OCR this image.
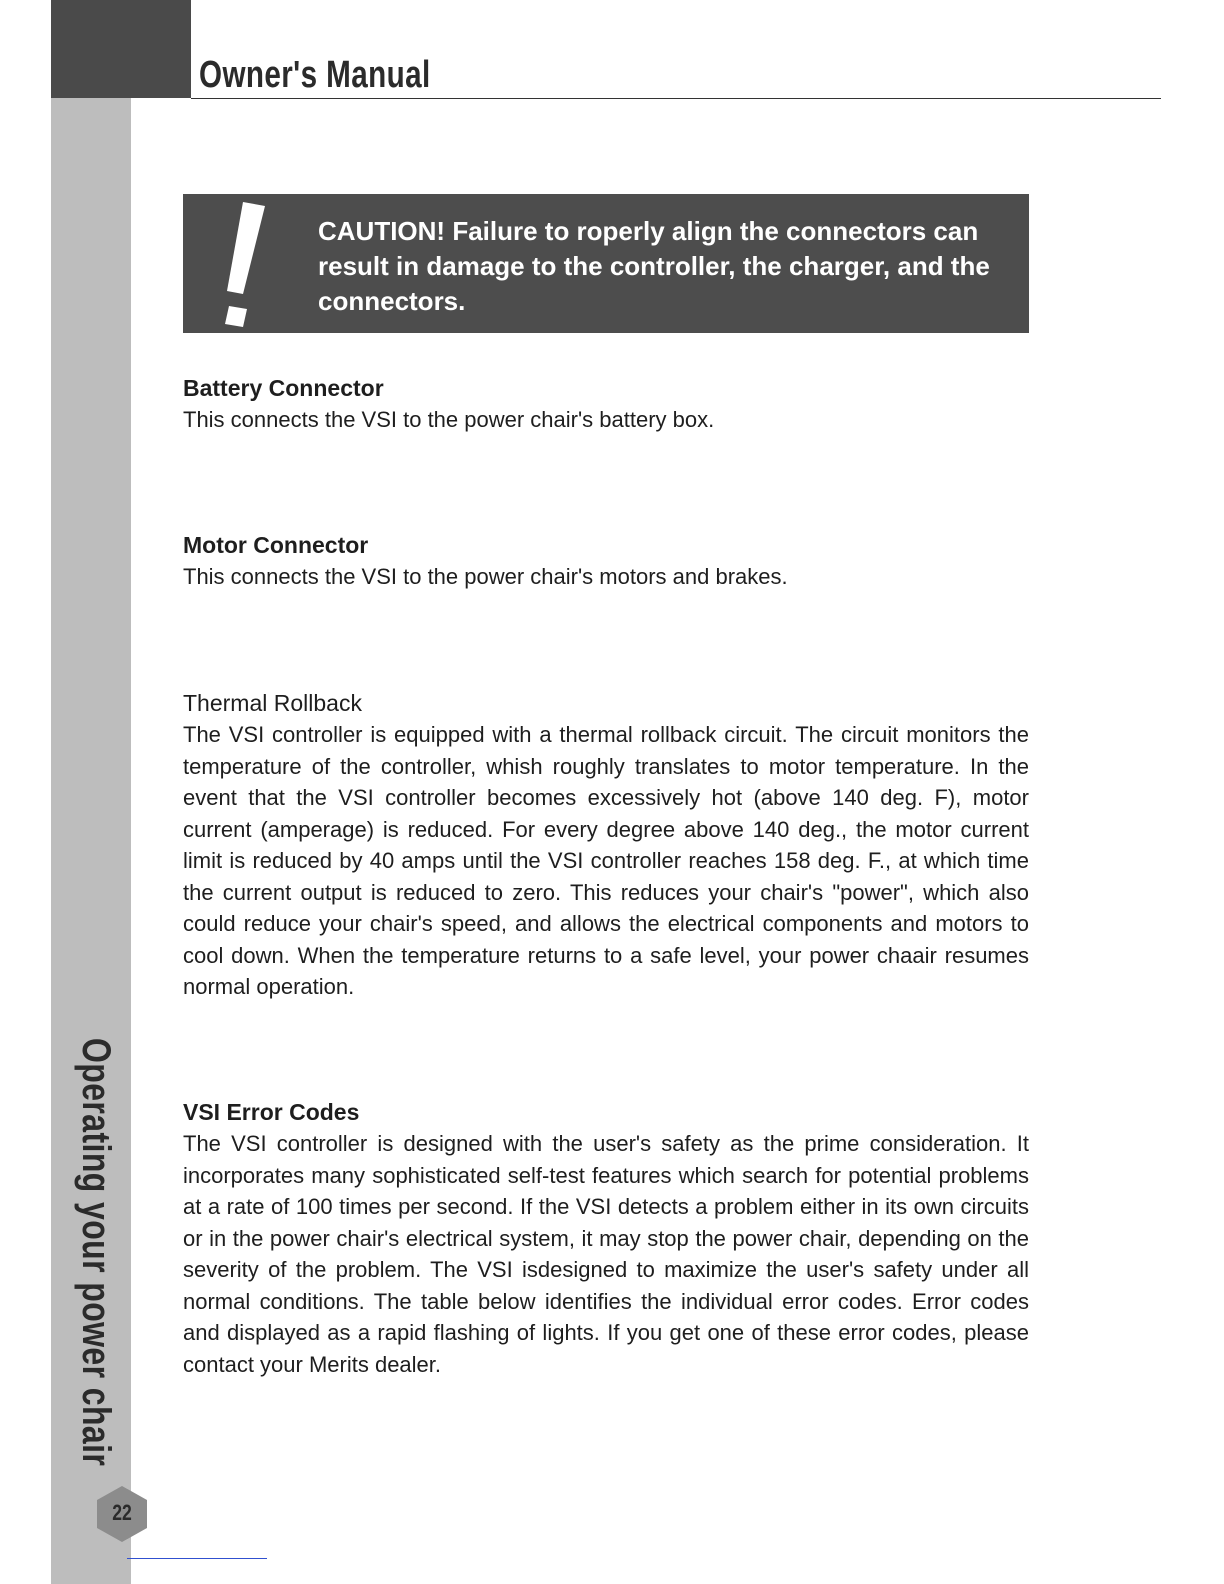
Owner's Manual
CAUTION! Failure to roperly align the connectors can result in damage to the controller, the charger, and the connectors.
Battery Connector
This connects the VSI to the power chair's battery box.
Motor Connector
This connects the VSI to the power chair's motors and brakes.
Thermal Rollback
The VSI controller is equipped with a thermal rollback circuit. The circuit monitors the temperature of the controller, whish roughly translates to motor temperature. In the event that the VSI controller becomes excessively hot (above 140 deg. F), motor current (amperage) is reduced. For every degree above 140 deg., the motor current limit is reduced by 40 amps until the VSI controller reaches 158 deg. F., at which time the current output is reduced to zero. This reduces your chair's "power", which also could reduce your chair's speed, and allows the electrical components and motors to cool down. When the temperature returns to a safe level, your power chaair resumes normal operation.
VSI Error Codes
The VSI controller is designed with the user's safety as the prime consideration. It incorporates many sophisticated self-test features which search for potential problems at a rate of 100 times per second. If the VSI detects a problem either in its own circuits or in the power chair's electrical system, it may stop the power chair, depending on the severity of the problem. The VSI isdesigned to maximize the user's safety under all normal conditions. The table below identifies the individual error codes. Error codes and displayed as a rapid flashing of lights. If you get one of these error codes, please contact your Merits dealer.
Operating your power chair
22
